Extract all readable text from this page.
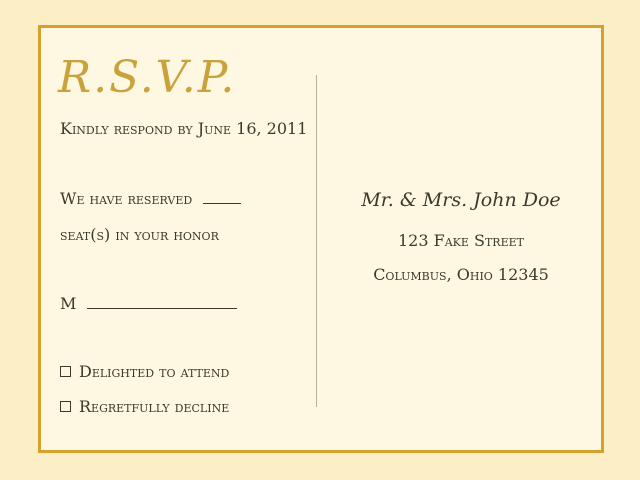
R.S.V.P.
Kindly respond by June 16, 2011
We have reserved
seat(s) in your honor
M
Delighted to attend
Regretfully decline
Mr. & Mrs. John Doe
123 Fake Street
Columbus, Ohio 12345
